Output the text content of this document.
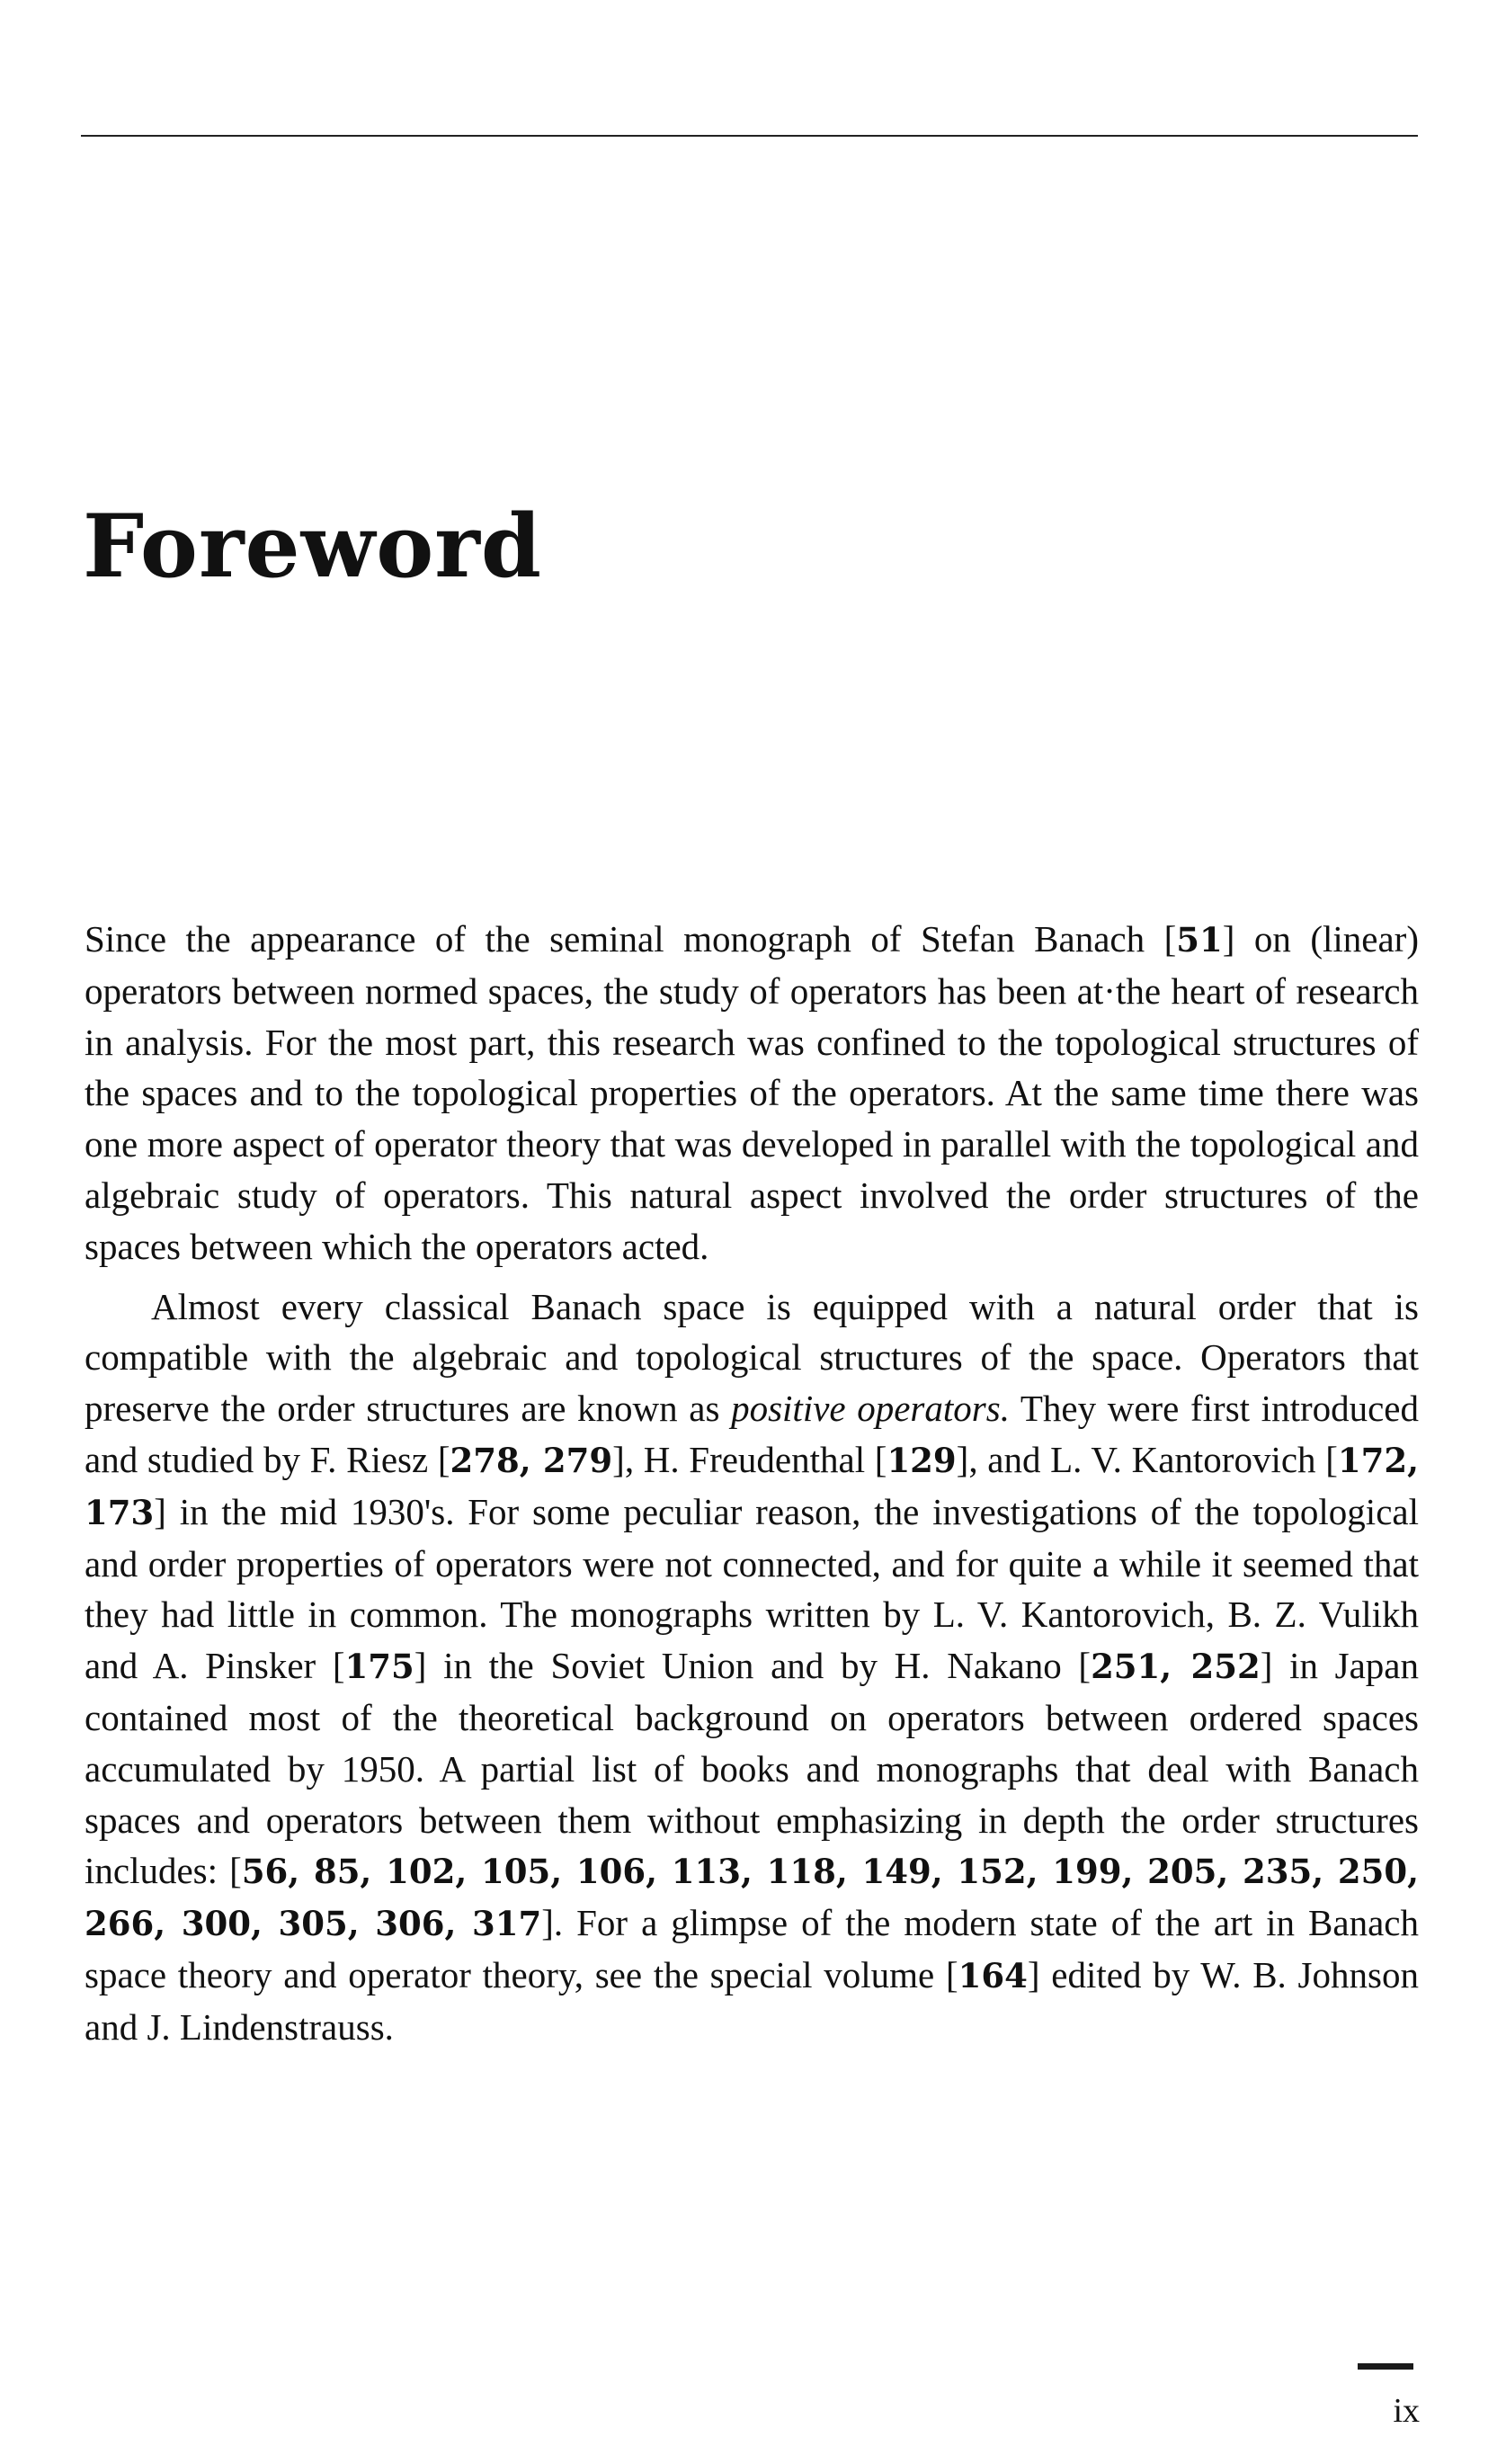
Foreword

Since the appearance of the seminal monograph of Stefan Banach [51] on (linear) operators between normed spaces, the study of operators has been at·the heart of research in analysis. For the most part, this research was confined to the topological structures of the spaces and to the topological properties of the operators. At the same time there was one more aspect of operator theory that was developed in parallel with the topological and algebraic study of operators. This natural aspect involved the order structures of the spaces between which the operators acted.

Almost every classical Banach space is equipped with a natural order that is compatible with the algebraic and topological structures of the space. Operators that preserve the order structures are known as positive operators. They were first introduced and studied by F. Riesz [278, 279], H. Freudenthal [129], and L. V. Kantorovich [172, 173] in the mid 1930's. For some peculiar reason, the investigations of the topological and order properties of operators were not connected, and for quite a while it seemed that they had little in common. The monographs written by L. V. Kantorovich, B. Z. Vulikh and A. Pinsker [175] in the Soviet Union and by H. Nakano [251, 252] in Japan contained most of the theoretical background on operators between ordered spaces accumulated by 1950. A partial list of books and monographs that deal with Banach spaces and operators between them without emphasizing in depth the order structures includes: [56, 85, 102, 105, 106, 113, 118, 149, 152, 199, 205, 235, 250, 266, 300, 305, 306, 317]. For a glimpse of the modern state of the art in Banach space theory and operator theory, see the special volume [164] edited by W. B. Johnson and J. Lindenstrauss.

ix
